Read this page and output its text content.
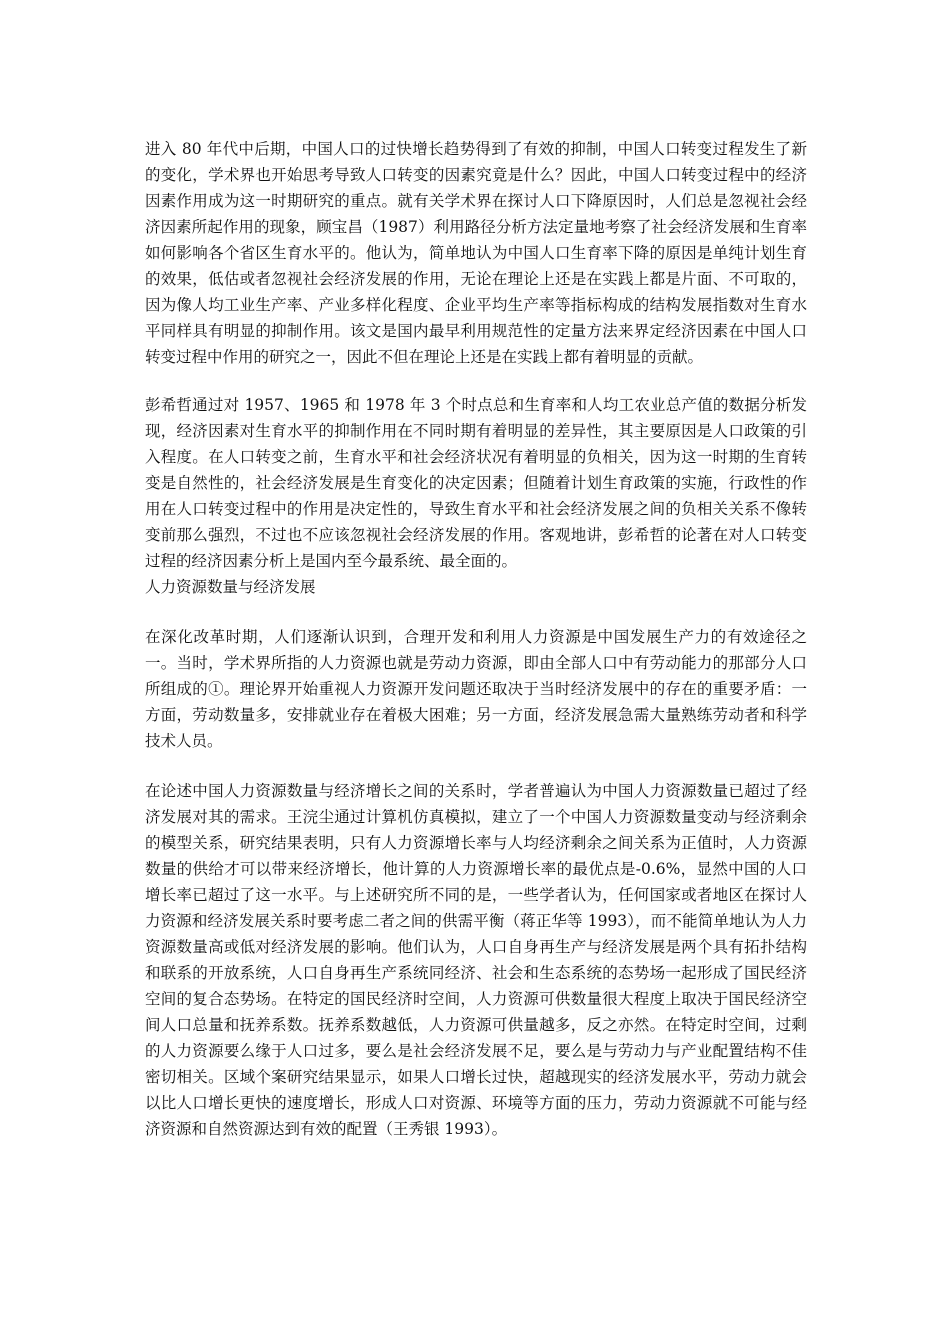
进入 80 年代中后期，中国人口的过快增长趋势得到了有效的抑制，中国人口转变过程发生了新的变化，学术界也开始思考导致人口转变的因素究竟是什么？因此，中国人口转变过程中的经济因素作用成为这一时期研究的重点。就有关学术界在探讨人口下降原因时，人们总是忽视社会经济因素所起作用的现象，顾宝昌（1987）利用路径分析方法定量地考察了社会经济发展和生育率如何影响各个省区生育水平的。他认为，简单地认为中国人口生育率下降的原因是单纯计划生育的效果，低估或者忽视社会经济发展的作用，无论在理论上还是在实践上都是片面、不可取的，因为像人均工业生产率、产业多样化程度、企业平均生产率等指标构成的结构发展指数对生育水平同样具有明显的抑制作用。该文是国内最早利用规范性的定量方法来界定经济因素在中国人口转变过程中作用的研究之一，因此不但在理论上还是在实践上都有着明显的贡献。

彭希哲通过对 1957、1965 和 1978 年 3 个时点总和生育率和人均工农业总产值的数据分析发现，经济因素对生育水平的抑制作用在不同时期有着明显的差异性，其主要原因是人口政策的引入程度。在人口转变之前，生育水平和社会经济状况有着明显的负相关，因为这一时期的生育转变是自然性的，社会经济发展是生育变化的决定因素；但随着计划生育政策的实施，行政性的作用在人口转变过程中的作用是决定性的，导致生育水平和社会经济发展之间的负相关关系不像转变前那么强烈，不过也不应该忽视社会经济发展的作用。客观地讲，彭希哲的论著在对人口转变过程的经济因素分析上是国内至今最系统、最全面的。

人力资源数量与经济发展

在深化改革时期，人们逐渐认识到，合理开发和利用人力资源是中国发展生产力的有效途径之一。当时，学术界所指的人力资源也就是劳动力资源，即由全部人口中有劳动能力的那部分人口所组成的①。理论界开始重视人力资源开发问题还取决于当时经济发展中的存在的重要矛盾：一方面，劳动数量多，安排就业存在着极大困难；另一方面，经济发展急需大量熟练劳动者和科学技术人员。

在论述中国人力资源数量与经济增长之间的关系时，学者普遍认为中国人力资源数量已超过了经济发展对其的需求。王浣尘通过计算机仿真模拟，建立了一个中国人力资源数量变动与经济剩余的模型关系，研究结果表明，只有人力资源增长率与人均经济剩余之间关系为正值时，人力资源数量的供给才可以带来经济增长，他计算的人力资源增长率的最优点是-0.6%，显然中国的人口增长率已超过了这一水平。与上述研究所不同的是，一些学者认为，任何国家或者地区在探讨人力资源和经济发展关系时要考虑二者之间的供需平衡（蒋正华等 1993），而不能简单地认为人力资源数量高或低对经济发展的影响。他们认为，人口自身再生产与经济发展是两个具有拓扑结构和联系的开放系统，人口自身再生产系统同经济、社会和生态系统的态势场一起形成了国民经济空间的复合态势场。在特定的国民经济时空间，人力资源可供数量很大程度上取决于国民经济空间人口总量和抚养系数。抚养系数越低，人力资源可供量越多，反之亦然。在特定时空间，过剩的人力资源要么缘于人口过多，要么是社会经济发展不足，要么是与劳动力与产业配置结构不佳密切相关。区域个案研究结果显示，如果人口增长过快，超越现实的经济发展水平，劳动力就会以比人口增长更快的速度增长，形成人口对资源、环境等方面的压力，劳动力资源就不可能与经济资源和自然资源达到有效的配置（王秀银 1993）。
